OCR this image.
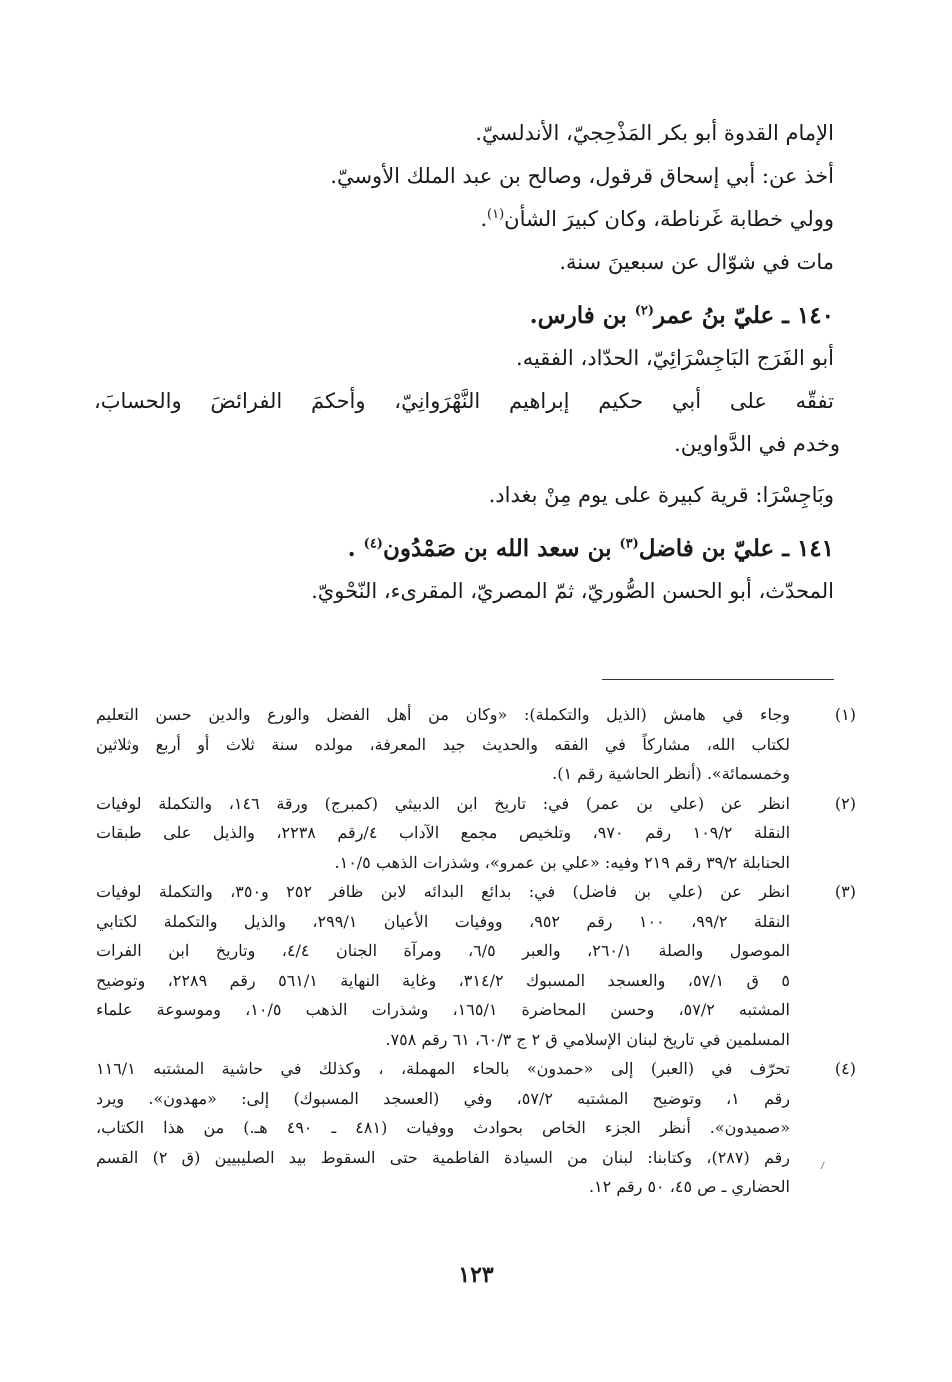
الإمام القدوة أبو بكر المَذْحِجيّ، الأندلسيّ.
أخذ عن: أبي إسحاق قرقول، وصالح بن عبد الملك الأوسيّ.
وولي خطابة غَرناطة، وكان كبيرَ الشأن$^{(١)}$.
مات في شوّال عن سبعينَ سنة.
١٤٠ ـ عليّ بنُ عمر$^{(٢)}$ بن فارس.
أبو الفَرَج البَاجِسْرَائِيّ، الحدّاد، الفقيه.
تفقّه على أبي حكيم إبراهيم النَّهْرَوانِيّ، وأحكمَ الفرائضَ والحسابَ،
وخدم في الدَّواوين.
وبَاجِسْرَا: قرية كبيرة على يوم مِنْ بغداد.
١٤١ ـ عليّ بن فاضل$^{(٣)}$ بن سعد الله بن صَمْدُون$^{(٤)}$ .
المحدّث، أبو الحسن الصُّوريّ، ثمّ المصريّ، المقرىء، النّحْويّ.
(١)
وجاء في هامش (الذيل والتكملة): «وكان من أهل الفضل والورع والدين حسن التعليم
لكتاب الله، مشاركاً في الفقه والحديث جيد المعرفة، مولده سنة ثلاث أو أربع وثلاثين
وخمسمائة». (أنظر الحاشية رقم ١).
(٢)
انظر عن (علي بن عمر) في: تاريخ ابن الدبيثي (كمبرج) ورقة ١٤٦، والتكملة لوفيات
النقلة ١٠٩/٢ رقم ٩٧٠، وتلخيص مجمع الآداب ٤/رقم ٢٢٣٨، والذيل على طبقات
الحنابلة ٣٩/٢ رقم ٢١٩ وفيه: «علي بن عمرو»، وشذرات الذهب ١٠/٥.
(٣)
انظر عن (علي بن فاضل) في: بدائع البدائه لابن ظافر ٢٥٢ و٣٥٠، والتكملة لوفيات
النقلة ٩٩/٢، ١٠٠ رقم ٩٥٢، ووفيات الأعيان ٢٩٩/١، والذيل والتكملة لكتابي
الموصول والصلة ٢٦٠/١، والعبر ٦/٥، ومرآة الجنان ٤/٤، وتاريخ ابن الفرات
٥ ق ٥٧/١، والعسجد المسبوك ٣١٤/٢، وغاية النهاية ٥٦١/١ رقم ٢٢٨٩، وتوضيح
المشتبه ٥٧/٢، وحسن المحاضرة ١٦٥/١، وشذرات الذهب ١٠/٥، وموسوعة علماء
المسلمين في تاريخ لبنان الإسلامي ق ٢ ج ٦٠/٣، ٦١ رقم ٧٥٨.
(٤)
تحرّف في (العبر) إلى «حمدون» بالحاء المهملة، ، وكذلك في حاشية المشتبه ١١٦/١
رقم ١، وتوضيح المشتبه ٥٧/٢، وفي (العسجد المسبوك) إلى: «مهدون». ويرد
«صميدون». أنظر الجزء الخاص بحوادث ووفيات (٤٨١ ـ ٤٩٠ هـ.) من هذا الكتاب،
رقم (٢٨٧)، وكتابنا: لبنان من السيادة الفاطمية حتى السقوط بيد الصليبيين (ق ٢) القسم
الحضاري ـ ص ٤٥، ٥٠ رقم ١٢.
١٢٣
